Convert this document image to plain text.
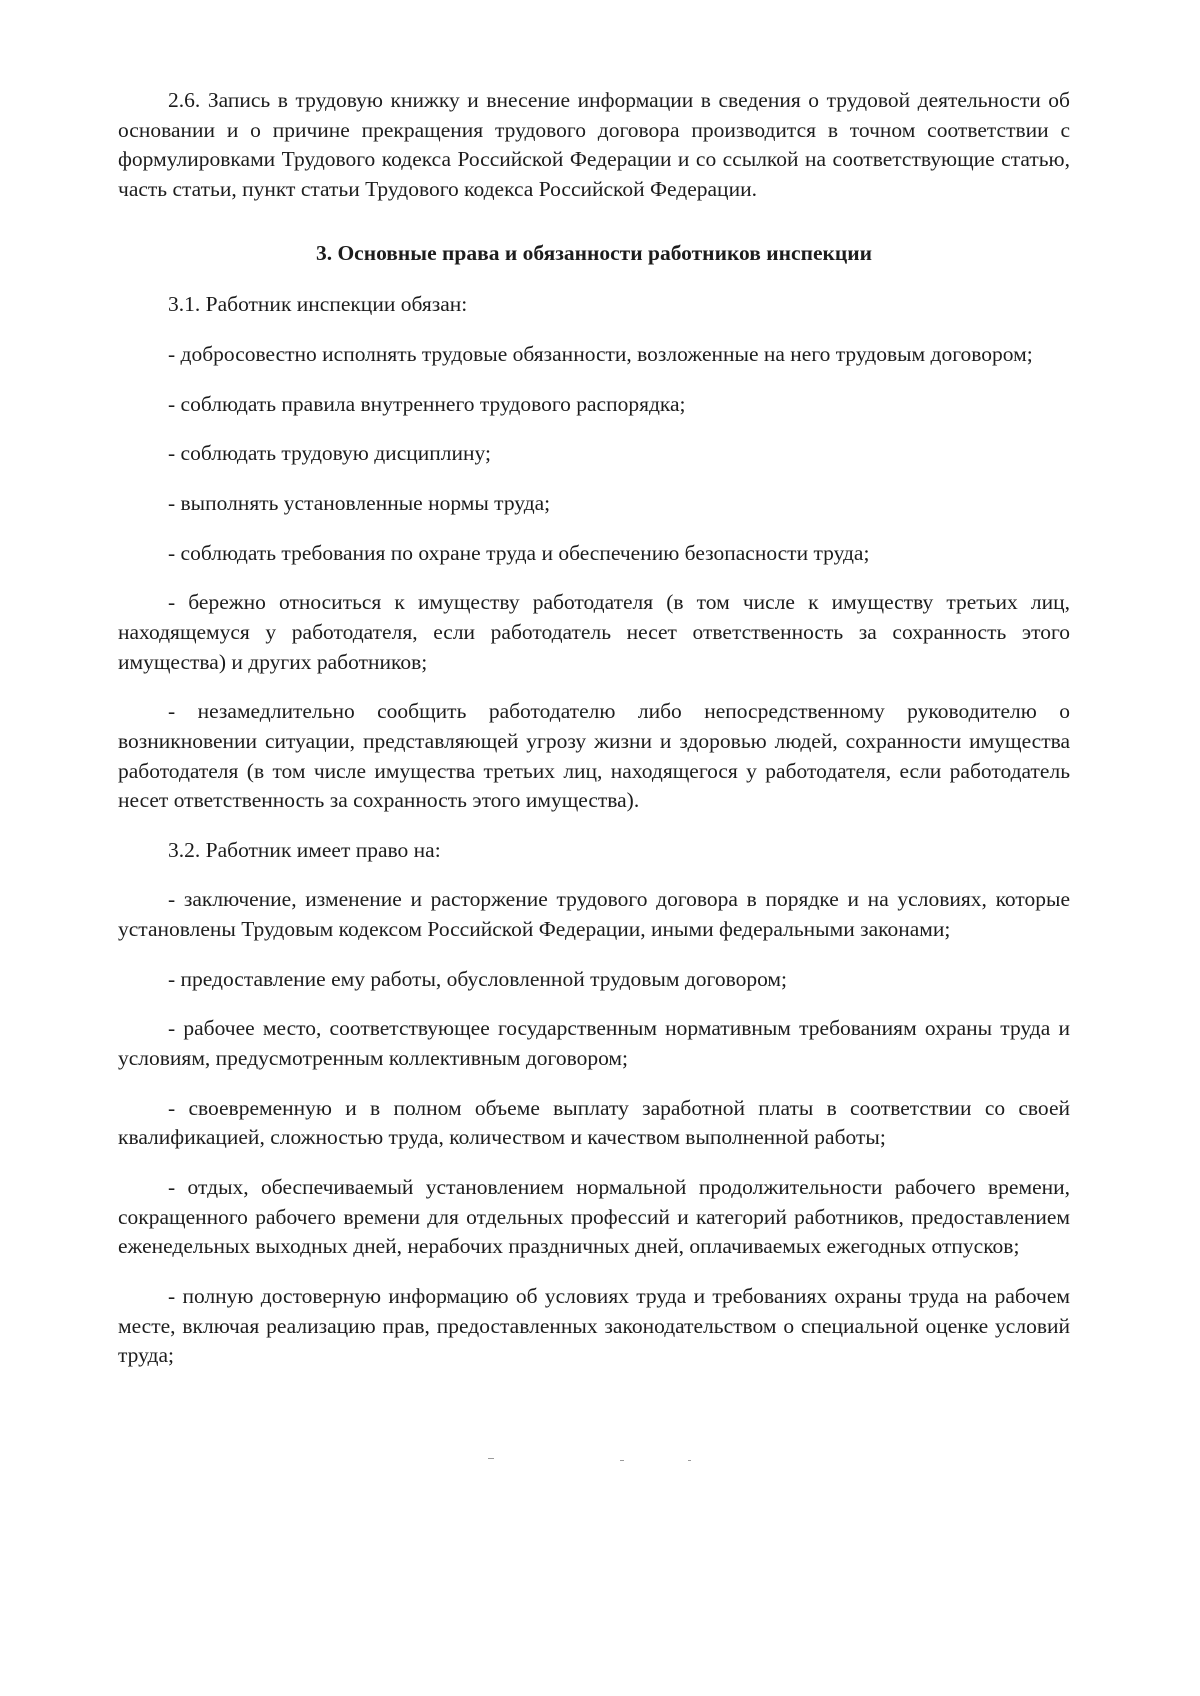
2.6. Запись в трудовую книжку и внесение информации в сведения о трудовой деятельности об основании и о причине прекращения трудового договора производится в точном соответствии с формулировками Трудового кодекса Российской Федерации и со ссылкой на соответствующие статью, часть статьи, пункт статьи Трудового кодекса Российской Федерации.

3. Основные права и обязанности работников инспекции

3.1. Работник инспекции обязан:

- добросовестно исполнять трудовые обязанности, возложенные на него трудовым договором;

- соблюдать правила внутреннего трудового распорядка;

- соблюдать трудовую дисциплину;

- выполнять установленные нормы труда;

- соблюдать требования по охране труда и обеспечению безопасности труда;

- бережно относиться к имуществу работодателя (в том числе к имуществу третьих лиц, находящемуся у работодателя, если работодатель несет ответственность за сохранность этого имущества) и других работников;

- незамедлительно сообщить работодателю либо непосредственному руководителю о возникновении ситуации, представляющей угрозу жизни и здоровью людей, сохранности имущества работодателя (в том числе имущества третьих лиц, находящегося у работодателя, если работодатель несет ответственность за сохранность этого имущества).

3.2. Работник имеет право на:

- заключение, изменение и расторжение трудового договора в порядке и на условиях, которые установлены Трудовым кодексом Российской Федерации, иными федеральными законами;

- предоставление ему работы, обусловленной трудовым договором;

- рабочее место, соответствующее государственным нормативным требованиям охраны труда и условиям, предусмотренным коллективным договором;

- своевременную и в полном объеме выплату заработной платы в соответствии со своей квалификацией, сложностью труда, количеством и качеством выполненной работы;

- отдых, обеспечиваемый установлением нормальной продолжительности рабочего времени, сокращенного рабочего времени для отдельных профессий и категорий работников, предоставлением еженедельных выходных дней, нерабочих праздничных дней, оплачиваемых ежегодных отпусков;

- полную достоверную информацию об условиях труда и требованиях охраны труда на рабочем месте, включая реализацию прав, предоставленных законодательством о специальной оценке условий труда;
